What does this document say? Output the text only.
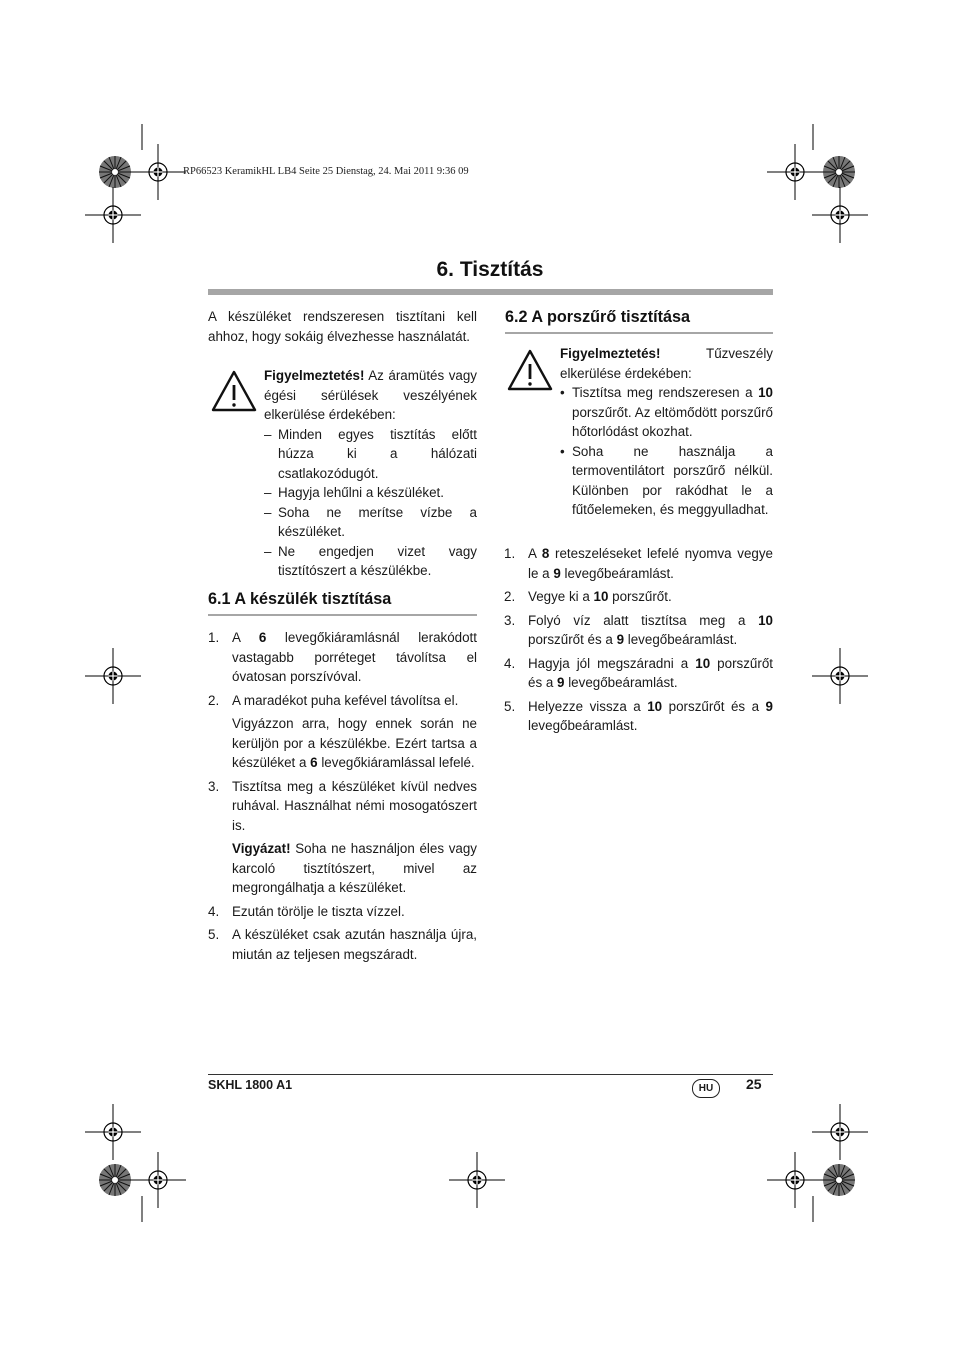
RP66523 KeramikHL LB4 Seite 25 Dienstag, 24. Mai 2011 9:36 09
6. Tisztítás

A készüléket rendszeresen tisztítani kell ahhoz, hogy sokáig élvezhesse használatát.

Figyelmeztetés! Az áramütés vagy égési sérülések veszélyének elkerülése érdekében:

– Minden egyes tisztítás előtt húzza ki a hálózati csatlakozódugót.
– Hagyja lehűlni a készüléket.
– Soha ne merítse vízbe a készüléket.
– Ne engedjen vizet vagy tisztítószert a készülékbe.
6.1 A készülék tisztítása
1. A 6 levegőkiáramlásnál lerakódott vastagabb porréteget távolítsa el óvatosan porszívóval.
2. A maradékot puha kefével távolítsa el.
Vigyázzon arra, hogy ennek során ne kerüljön por a készülékbe. Ezért tartsa a készüléket a 6 levegőkiáramlással lefelé.
3. Tisztítsa meg a készüléket kívül nedves ruhával. Használhat némi mosogatószert is.
Vigyázat! Soha ne használjon éles vagy karcoló tisztítószert, mivel az megrongálhatja a készüléket.
4. Ezután törölje le tiszta vízzel.
5. A készüléket csak azután használja újra, miután az teljesen megszáradt.
6.2 A porszűrő tisztítása

Figyelmeztetés! Tűzveszély elkerülése érdekében:

• Tisztítsa meg rendszeresen a 10 porszűrőt. Az eltömődött porszűrő hőtorlódást okozhat.
• Soha ne használja a termoventilátort porszűrő nélkül. Különben por rakódhat le a fűtőelemeken, és meggyulladhat.
1. A 8 reteszeléseket lefelé nyomva vegye le a 9 levegőbeáramlást.
2. Vegye ki a 10 porszűrőt.
3. Folyó víz alatt tisztítsa meg a 10 porszűrőt és a 9 levegőbeáramlást.
4. Hagyja jól megszáradni a 10 porszűrőt és a 9 levegőbeáramlást.
5. Helyezze vissza a 10 porszűrőt és a 9 levegőbeáramlást.
SKHL 1800 A1	HU	25
